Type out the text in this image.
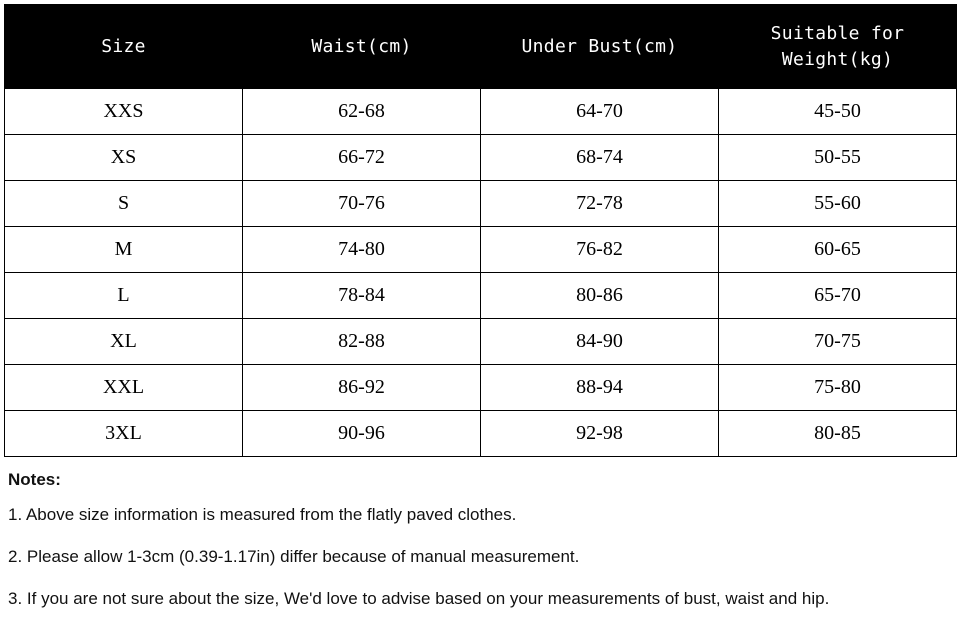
Size	Waist(cm)	Under Bust(cm)	Suitable for
Weight(kg)
XXS	62-68	64-70	45-50
XS	66-72	68-74	50-55
S	70-76	72-78	55-60
M	74-80	76-82	60-65
L	78-84	80-86	65-70
XL	82-88	84-90	70-75
XXL	86-92	88-94	75-80
3XL	90-96	92-98	80-85

Notes:

1. Above size information is measured from the flatly paved clothes.

2. Please allow 1-3cm (0.39-1.17in) differ because of manual measurement.

3. If you are not sure about the size, We'd love to advise based on your measurements of bust, waist and hip.
